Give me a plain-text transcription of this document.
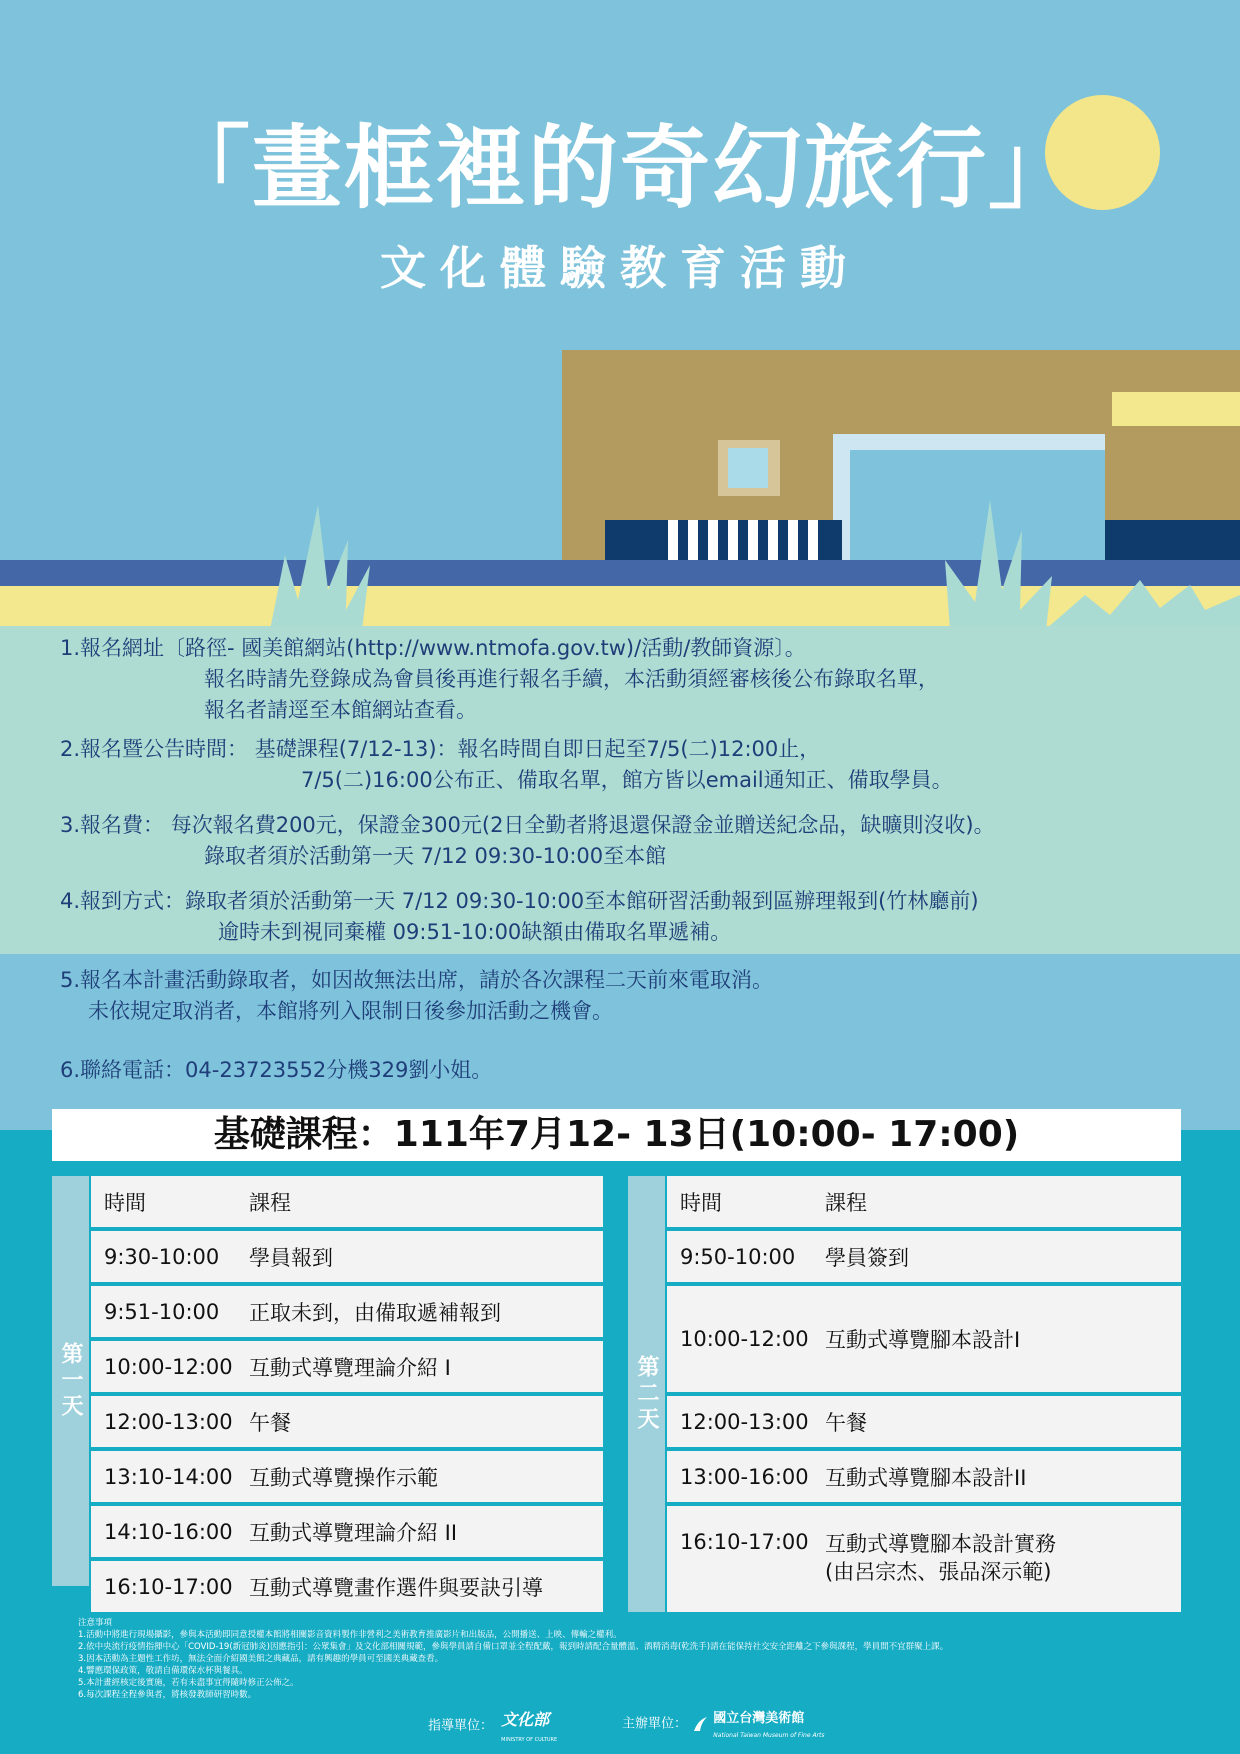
「畫框裡的奇幻旅行」
文化體驗教育活動
1.報名網址〔路徑- 國美館網站(http://www.ntmofa.gov.tw)/活動/教師資源〕。
報名時請先登錄成為會員後再進行報名手續，本活動須經審核後公布錄取名單，
報名者請逕至本館網站查看。
2.報名暨公告時間： 基礎課程(7/12-13)：報名時間自即日起至7/5(二)12:00止，
7/5(二)16:00公布正、備取名單，館方皆以email通知正、備取學員。
3.報名費： 每次報名費200元，保證金300元(2日全勤者將退還保證金並贈送紀念品，缺曠則沒收)。
錄取者須於活動第一天 7/12 09:30-10:00至本館
4.報到方式：錄取者須於活動第一天 7/12 09:30-10:00至本館研習活動報到區辦理報到(竹林廳前)
逾時未到視同棄權 09:51-10:00缺額由備取名單遞補。
5.報名本計畫活動錄取者，如因故無法出席，請於各次課程二天前來電取消。
未依規定取消者，本館將列入限制日後參加活動之機會。
6.聯絡電話：04-23723552分機329劉小姐。
基礎課程：111年7月12- 13日(10:00- 17:00)
第一天
時間	課程
9:30-10:00	學員報到
9:51-10:00	正取未到，由備取遞補報到
10:00-12:00 互動式導覽理論介紹 I
12:00-13:00 午餐
13:10-14:00 互動式導覽操作示範
14:10-16:00 互動式導覽理論介紹 II
16:10-17:00 互動式導覽畫作選件與要訣引導
第二天
時間	課程
9:50-10:00	學員簽到
10:00-12:00 互動式導覽腳本設計I
12:00-13:00 午餐
13:00-16:00 互動式導覽腳本設計II
16:10-17:00 互動式導覽腳本設計實務
(由呂宗杰、張品深示範)
注意事項
1.活動中將進行現場攝影，參與本活動即同意授權本館將相關影音資料製作非營利之美術教育推廣影片和出版品，公開播送、上映、傳輸之權利。
2.依中央流行疫情指揮中心「COVID-19(新冠肺炎)因應指引：公眾集會」及文化部相關規範，參與學員請自備口罩並全程配戴，報到時請配合量體溫、酒精消毒(乾洗手)請在能保持社交安全距離之下參與課程，學員間不宜群聚上課。
3.因本活動為主題性工作坊，無法全面介紹國美館之典藏品，請有興趣的學員可至國美典藏查看。
4.響應環保政策，敬請自備環保水杯與餐具。
5.本計畫經核定後實施，若有未盡事宜得隨時修正公佈之。
6.每次課程全程參與者，將核發教師研習時數。
指導單位： 文化部
MINISTRY OF CULTURE
主辦單位： 國立台灣美術館
National Taiwan Museum of Fine Arts
